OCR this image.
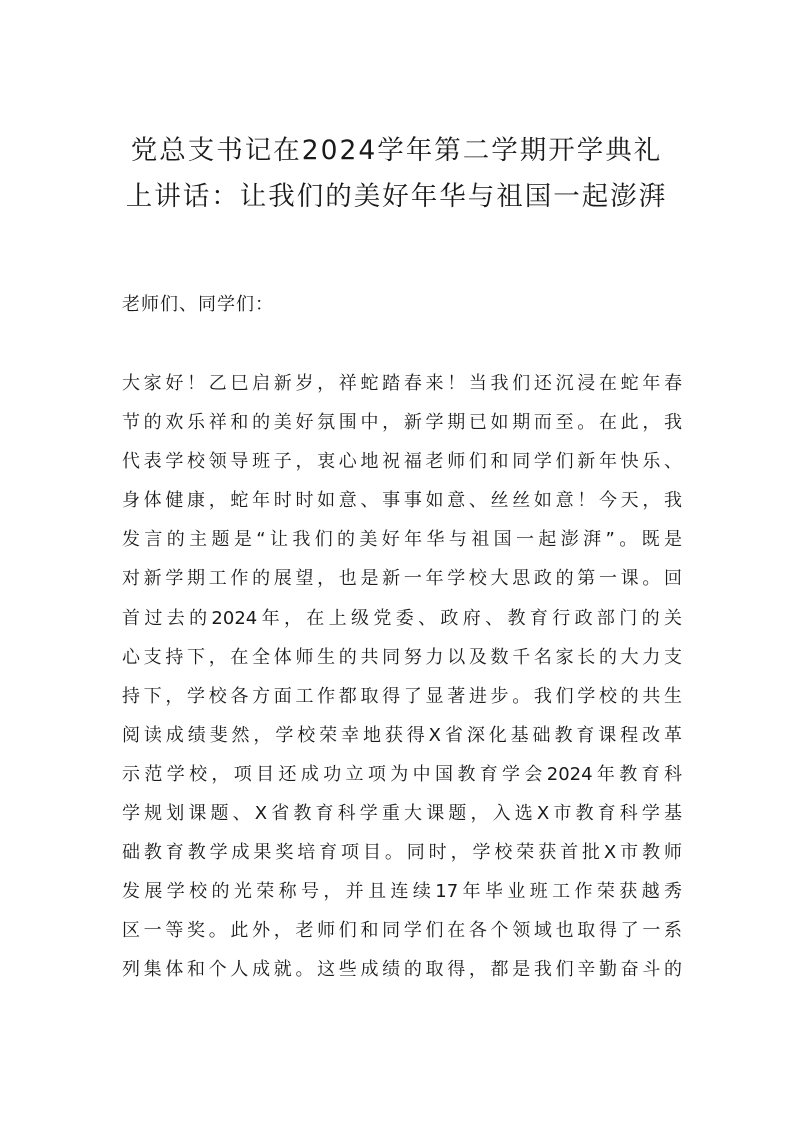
党总支书记在2024学年第二学期开学典礼
上讲话：让我们的美好年华与祖国一起澎湃
老师们、同学们：
大家好！乙巳启新岁，祥蛇踏春来！当我们还沉浸在蛇年春
节的欢乐祥和的美好氛围中，新学期已如期而至。在此，我
代表学校领导班子，衷心地祝福老师们和同学们新年快乐、
身体健康，蛇年时时如意、事事如意、丝丝如意！今天，我
发言的主题是“让我们的美好年华与祖国一起澎湃”。既是
对新学期工作的展望，也是新一年学校大思政的第一课。回
首过去的2024年，在上级党委、政府、教育行政部门的关
心支持下，在全体师生的共同努力以及数千名家长的大力支
持下，学校各方面工作都取得了显著进步。我们学校的共生
阅读成绩斐然，学校荣幸地获得X省深化基础教育课程改革
示范学校，项目还成功立项为中国教育学会2024年教育科
学规划课题、X省教育科学重大课题，入选X市教育科学基
础教育教学成果奖培育项目。同时，学校荣获首批X市教师
发展学校的光荣称号，并且连续17年毕业班工作荣获越秀
区一等奖。此外，老师们和同学们在各个领域也取得了一系
列集体和个人成就。这些成绩的取得，都是我们辛勤奋斗的
